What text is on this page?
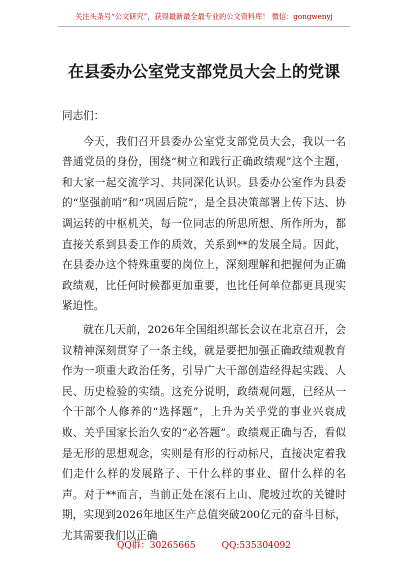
关注头条号“公文研究”，获得最新最全最专业的公文资料库！ 微信：gongwenyj
在县委办公室党支部党员大会上的党课

同志们：

今天，我们召开县委办公室党支部党员大会，我以一名普通党员的身份，围绕“树立和践行正确政绩观”这个主题，和大家一起交流学习、共同深化认识。县委办公室作为县委的“坚强前哨”和“巩固后院”，是全县决策部署上传下达、协调运转的中枢机关，每一位同志的所思所想、所作所为，都直接关系到县委工作的质效，关系到**的发展全局。因此，在县委办这个特殊重要的岗位上，深刻理解和把握何为正确政绩观，比任何时候都更加重要，也比任何单位都更具现实紧迫性。

就在几天前，2026年全国组织部长会议在北京召开，会议精神深刻贯穿了一条主线，就是要把加强正确政绩观教育作为一项重大政治任务，引导广大干部创造经得起实践、人民、历史检验的实绩。这充分说明，政绩观问题，已经从一个干部个人修养的“选择题”，上升为关乎党的事业兴衰成败、关乎国家长治久安的“必答题”。政绩观正确与否，看似是无形的思想观念，实则是有形的行动标尺，直接决定着我们走什么样的发展路子、干什么样的事业、留什么样的名声。对于**而言，当前正处在滚石上山、爬坡过坎的关键时期，实现到2026年地区生产总值突破200亿元的奋斗目标，尤其需要我们以正确

QQ群：30265665	QQ:535304092
